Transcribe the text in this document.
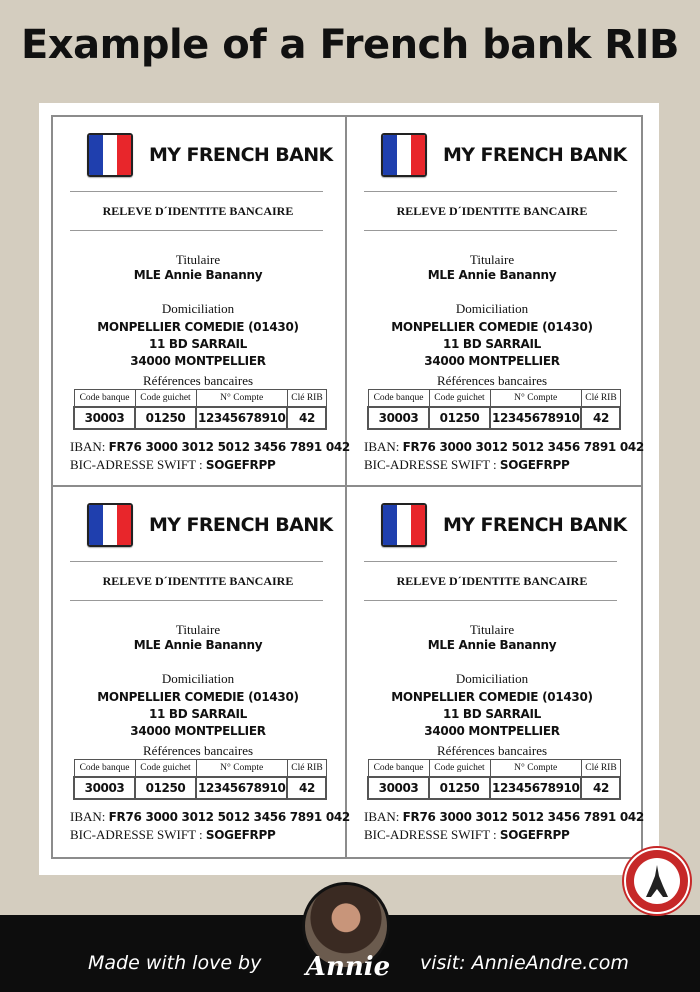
Example of a French bank RIB
MY FRENCH BANK
RELEVE D´IDENTITE BANCAIRE
Titulaire
MLE Annie Bananny
Domiciliation
MONPELLIER COMEDIE (01430)
11 BD SARRAIL
34000 MONTPELLIER
Références bancaires
Code banque	Code guichet	N° Compte	Clé RIB
30003	01250	12345678910	42
IBAN: FR76 3000 3012 5012 3456 7891 042
BIC-ADRESSE SWIFT : SOGEFRPP
MY FRENCH BANK
RELEVE D´IDENTITE BANCAIRE
Titulaire
MLE Annie Bananny
Domiciliation
MONPELLIER COMEDIE (01430)
11 BD SARRAIL
34000 MONTPELLIER
Références bancaires
Code banque	Code guichet	N° Compte	Clé RIB
30003	01250	12345678910	42
IBAN: FR76 3000 3012 5012 3456 7891 042
BIC-ADRESSE SWIFT : SOGEFRPP
MY FRENCH BANK
RELEVE D´IDENTITE BANCAIRE
Titulaire
MLE Annie Bananny
Domiciliation
MONPELLIER COMEDIE (01430)
11 BD SARRAIL
34000 MONTPELLIER
Références bancaires
Code banque	Code guichet	N° Compte	Clé RIB
30003	01250	12345678910	42
IBAN: FR76 3000 3012 5012 3456 7891 042
BIC-ADRESSE SWIFT : SOGEFRPP
MY FRENCH BANK
RELEVE D´IDENTITE BANCAIRE
Titulaire
MLE Annie Bananny
Domiciliation
MONPELLIER COMEDIE (01430)
11 BD SARRAIL
34000 MONTPELLIER
Références bancaires
Code banque	Code guichet	N° Compte	Clé RIB
30003	01250	12345678910	42
IBAN: FR76 3000 3012 5012 3456 7891 042
BIC-ADRESSE SWIFT : SOGEFRPP
Made with love by Annie	visit: AnnieAndre.com
